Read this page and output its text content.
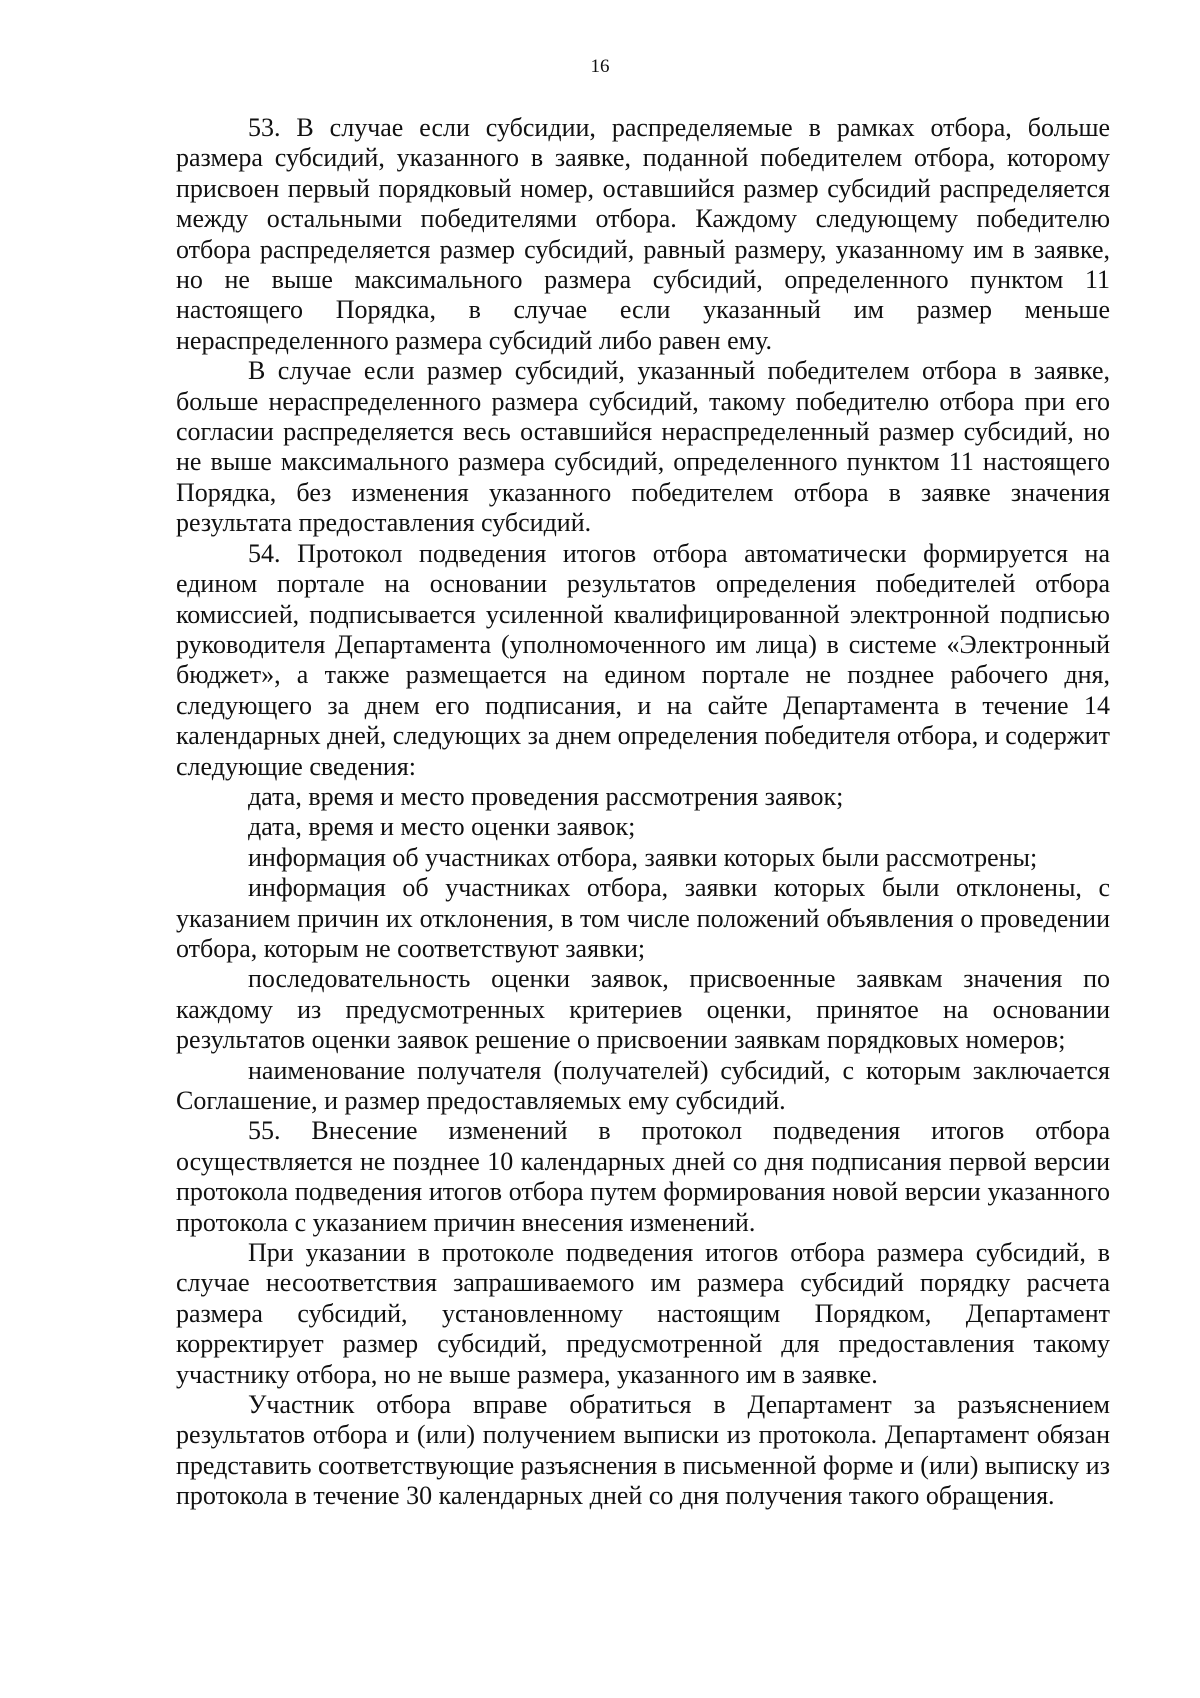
16

53. В случае если субсидии, распределяемые в рамках отбора, больше размера субсидий, указанного в заявке, поданной победителем отбора, которому присвоен первый порядковый номер, оставшийся размер субсидий распределяется между остальными победителями отбора. Каждому следующему победителю отбора распределяется размер субсидий, равный размеру, указанному им в заявке, но не выше максимального размера субсидий, определенного пунктом 11 настоящего Порядка, в случае если указанный им размер меньше нераспределенного размера субсидий либо равен ему.

В случае если размер субсидий, указанный победителем отбора в заявке, больше нераспределенного размера субсидий, такому победителю отбора при его согласии распределяется весь оставшийся нераспределенный размер субсидий, но не выше максимального размера субсидий, определенного пунктом 11 настоящего Порядка, без изменения указанного победителем отбора в заявке значения результата предоставления субсидий.

54. Протокол подведения итогов отбора автоматически формируется на едином портале на основании результатов определения победителей отбора комиссией, подписывается усиленной квалифицированной электронной подписью руководителя Департамента (уполномоченного им лица) в системе «Электронный бюджет», а также размещается на едином портале не позднее рабочего дня, следующего за днем его подписания, и на сайте Департамента в течение 14 календарных дней, следующих за днем определения победителя отбора, и содержит следующие сведения:

дата, время и место проведения рассмотрения заявок;

дата, время и место оценки заявок;

информация об участниках отбора, заявки которых были рассмотрены;

информация об участниках отбора, заявки которых были отклонены, с указанием причин их отклонения, в том числе положений объявления о проведении отбора, которым не соответствуют заявки;

последовательность оценки заявок, присвоенные заявкам значения по каждому из предусмотренных критериев оценки, принятое на основании результатов оценки заявок решение о присвоении заявкам порядковых номеров;

наименование получателя (получателей) субсидий, с которым заключается Соглашение, и размер предоставляемых ему субсидий.

55. Внесение изменений в протокол подведения итогов отбора осуществляется не позднее 10 календарных дней со дня подписания первой версии протокола подведения итогов отбора путем формирования новой версии указанного протокола с указанием причин внесения изменений.

При указании в протоколе подведения итогов отбора размера субсидий, в случае несоответствия запрашиваемого им размера субсидий порядку расчета размера субсидий, установленному настоящим Порядком, Департамент корректирует размер субсидий, предусмотренной для предоставления такому участнику отбора, но не выше размера, указанного им в заявке.

Участник отбора вправе обратиться в Департамент за разъяснением результатов отбора и (или) получением выписки из протокола. Департамент обязан представить соответствующие разъяснения в письменной форме и (или) выписку из протокола в течение 30 календарных дней со дня получения такого обращения.
